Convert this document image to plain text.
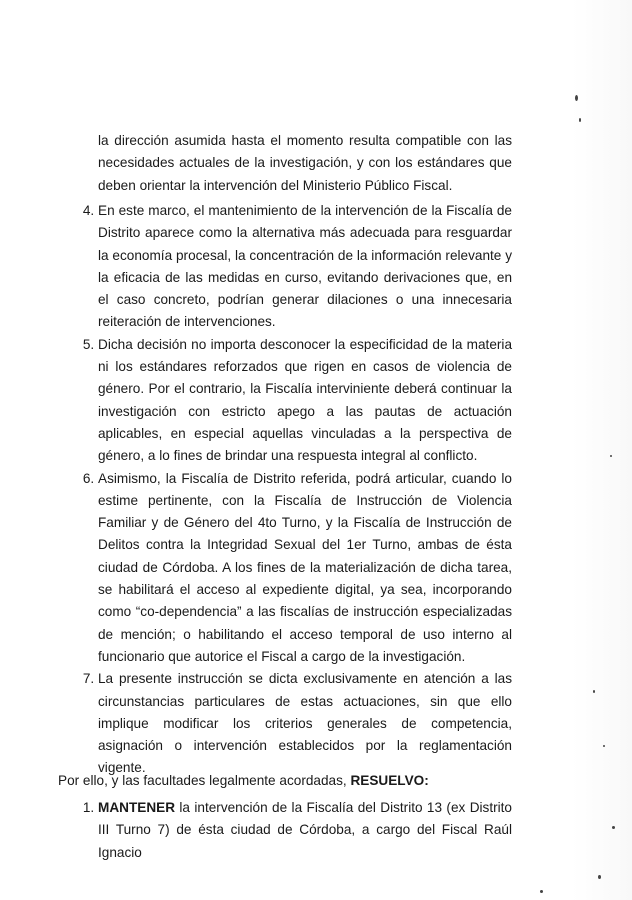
la dirección asumida hasta el momento resulta compatible con las necesidades actuales de la investigación, y con los estándares que deben orientar la intervención del Ministerio Público Fiscal.

4. En este marco, el mantenimiento de la intervención de la Fiscalía de Distrito aparece como la alternativa más adecuada para resguardar la economía procesal, la concentración de la información relevante y la eficacia de las medidas en curso, evitando derivaciones que, en el caso concreto, podrían generar dilaciones o una innecesaria reiteración de intervenciones.
5. Dicha decisión no importa desconocer la especificidad de la materia ni los estándares reforzados que rigen en casos de violencia de género. Por el contrario, la Fiscalía interviniente deberá continuar la investigación con estricto apego a las pautas de actuación aplicables, en especial aquellas vinculadas a la perspectiva de género, a lo fines de brindar una respuesta integral al conflicto.
6. Asimismo, la Fiscalía de Distrito referida, podrá articular, cuando lo estime pertinente, con la Fiscalía de Instrucción de Violencia Familiar y de Género del 4to Turno, y la Fiscalía de Instrucción de Delitos contra la Integridad Sexual del 1er Turno, ambas de ésta ciudad de Córdoba. A los fines de la materialización de dicha tarea, se habilitará el acceso al expediente digital, ya sea, incorporando como “co-dependencia” a las fiscalías de instrucción especializadas de mención; o habilitando el acceso temporal de uso interno al funcionario que autorice el Fiscal a cargo de la investigación.
7. La presente instrucción se dicta exclusivamente en atención a las circunstancias particulares de estas actuaciones, sin que ello implique modificar los criterios generales de competencia, asignación o intervención establecidos por la reglamentación vigente.
Por ello, y las facultades legalmente acordadas, RESUELVO:
1. MANTENER la intervención de la Fiscalía del Distrito 13 (ex Distrito III Turno 7) de ésta ciudad de Córdoba, a cargo del Fiscal Raúl Ignacio
